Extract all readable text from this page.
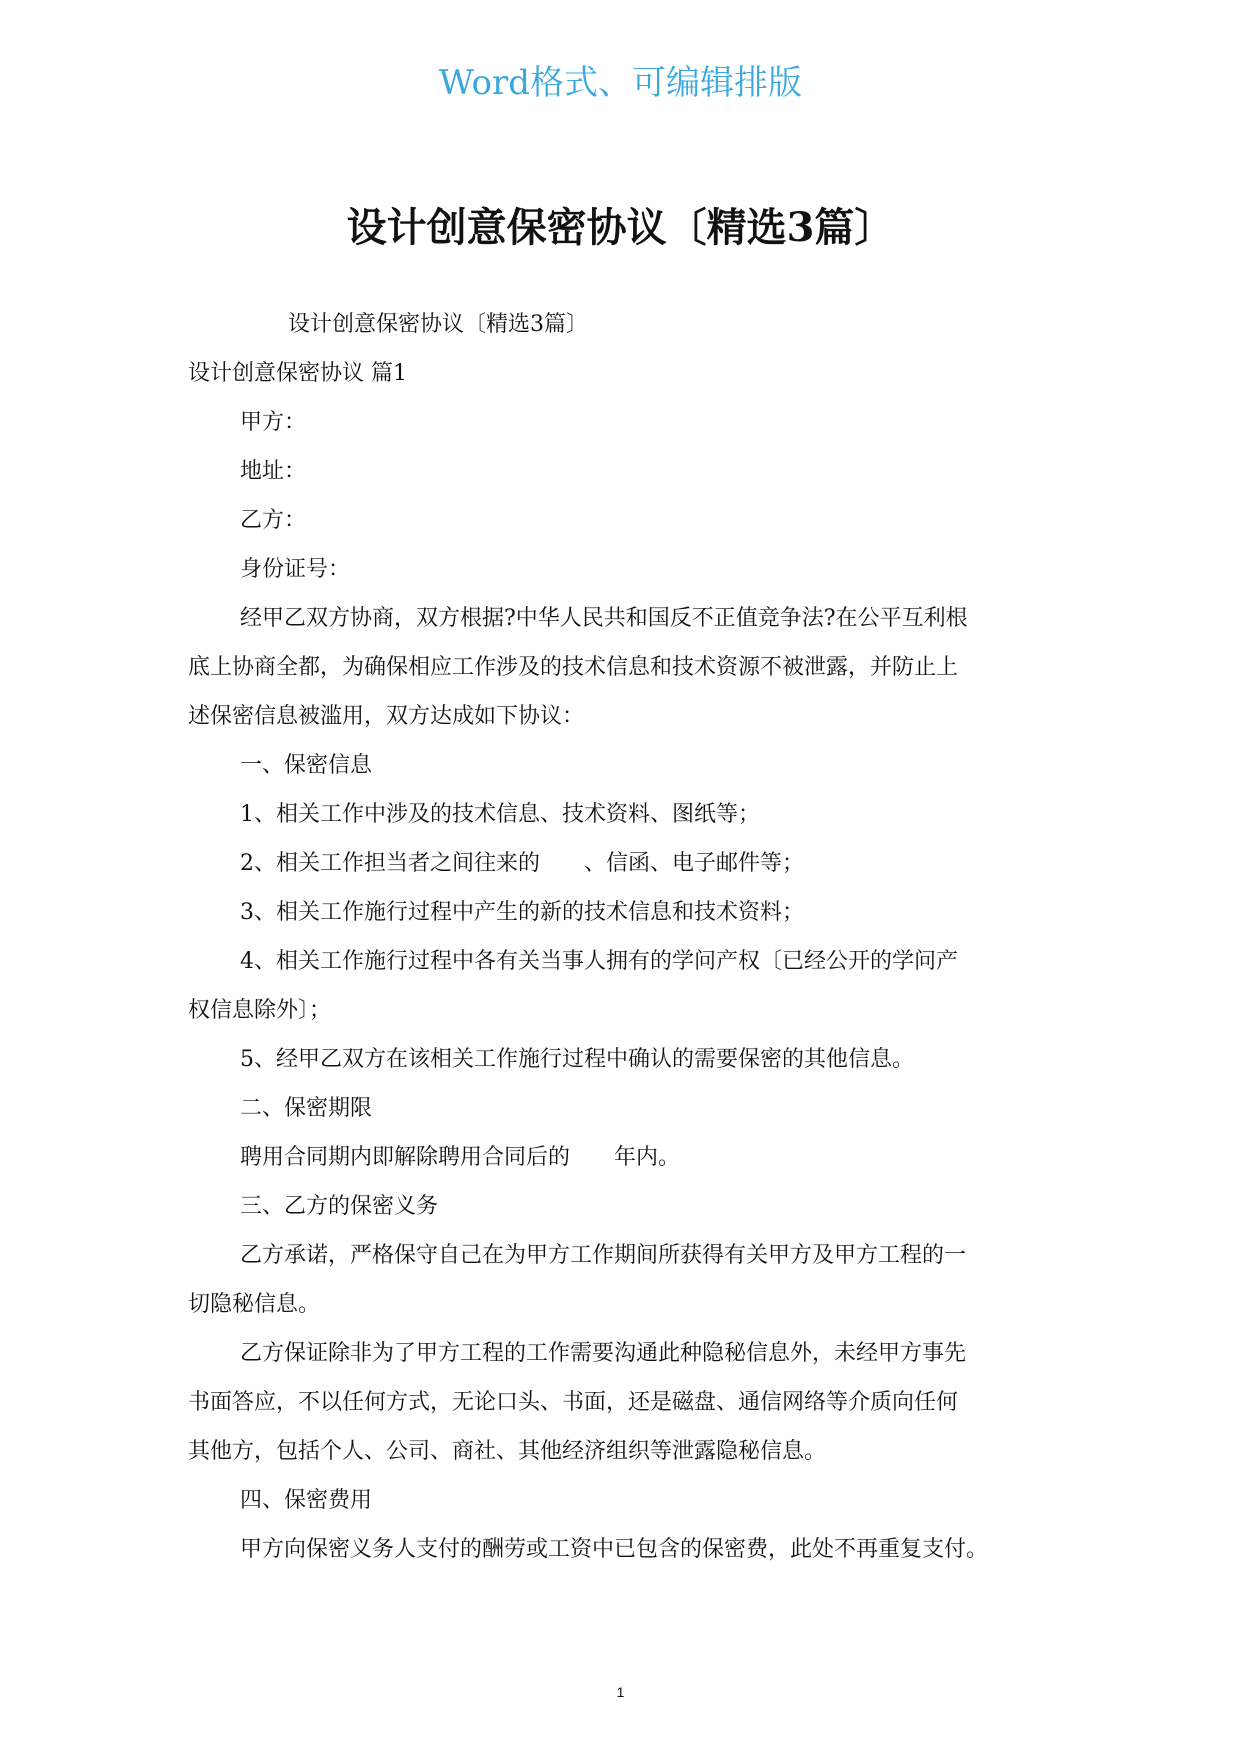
Word格式、可编辑排版
设计创意保密协议〔精选3篇〕
设计创意保密协议〔精选3篇〕
设计创意保密协议 篇1
甲方：
地址：
乙方：
身份证号：
经甲乙双方协商，双方根据?中华人民共和国反不正值竞争法?在公平互利根
底上协商全都，为确保相应工作涉及的技术信息和技术资源不被泄露，并防止上
述保密信息被滥用，双方达成如下协议：
一、保密信息
1、相关工作中涉及的技术信息、技术资料、图纸等；
2、相关工作担当者之间往来的　　、信函、电子邮件等；
3、相关工作施行过程中产生的新的技术信息和技术资料；
4、相关工作施行过程中各有关当事人拥有的学问产权〔已经公开的学问产
权信息除外〕；
5、经甲乙双方在该相关工作施行过程中确认的需要保密的其他信息。
二、保密期限
聘用合同期内即解除聘用合同后的　　年内。
三、乙方的保密义务
乙方承诺，严格保守自己在为甲方工作期间所获得有关甲方及甲方工程的一
切隐秘信息。
乙方保证除非为了甲方工程的工作需要沟通此种隐秘信息外，未经甲方事先
书面答应，不以任何方式，无论口头、书面，还是磁盘、通信网络等介质向任何
其他方，包括个人、公司、商社、其他经济组织等泄露隐秘信息。
四、保密费用
甲方向保密义务人支付的酬劳或工资中已包含的保密费，此处不再重复支付。
1
